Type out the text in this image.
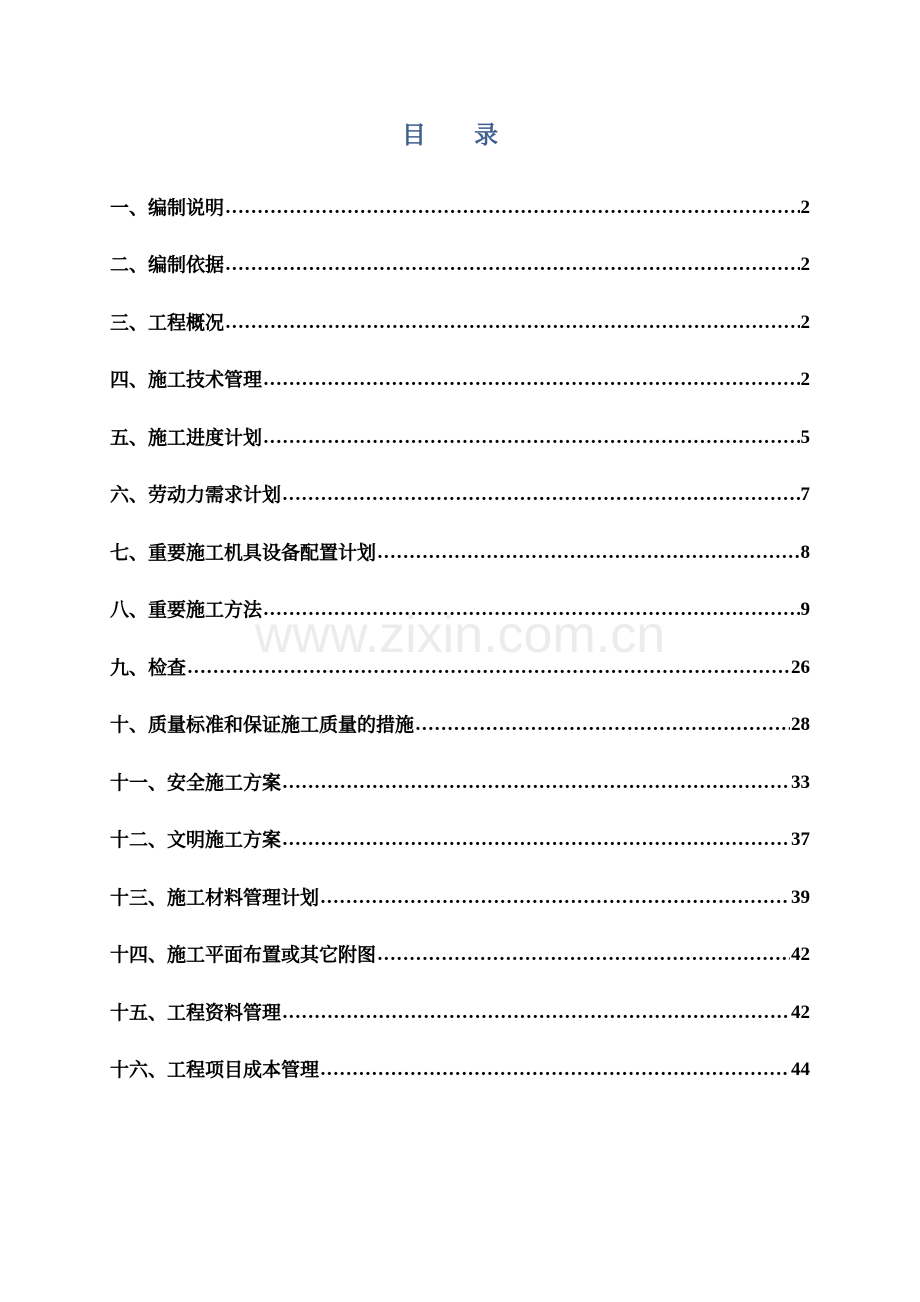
目 录
一、编制说明 .....	2
二、编制依据 .....	2
三、工程概况 .....	2
四、施工技术管理 .....	2
五、施工进度计划 .....	5
六、劳动力需求计划 .....	7
七、重要施工机具设备配置计划 .....	8
八、重要施工方法 .....	9
九、检查 .....	26
十、质量标准和保证施工质量的措施 .....	28
十一、安全施工方案 .....	33
十二、文明施工方案 .....	37
十三、施工材料管理计划 .....	39
十四、施工平面布置或其它附图 .....	42
十五、工程资料管理 .....	42
十六、工程项目成本管理 .....	44
www.zixin.com.cn
